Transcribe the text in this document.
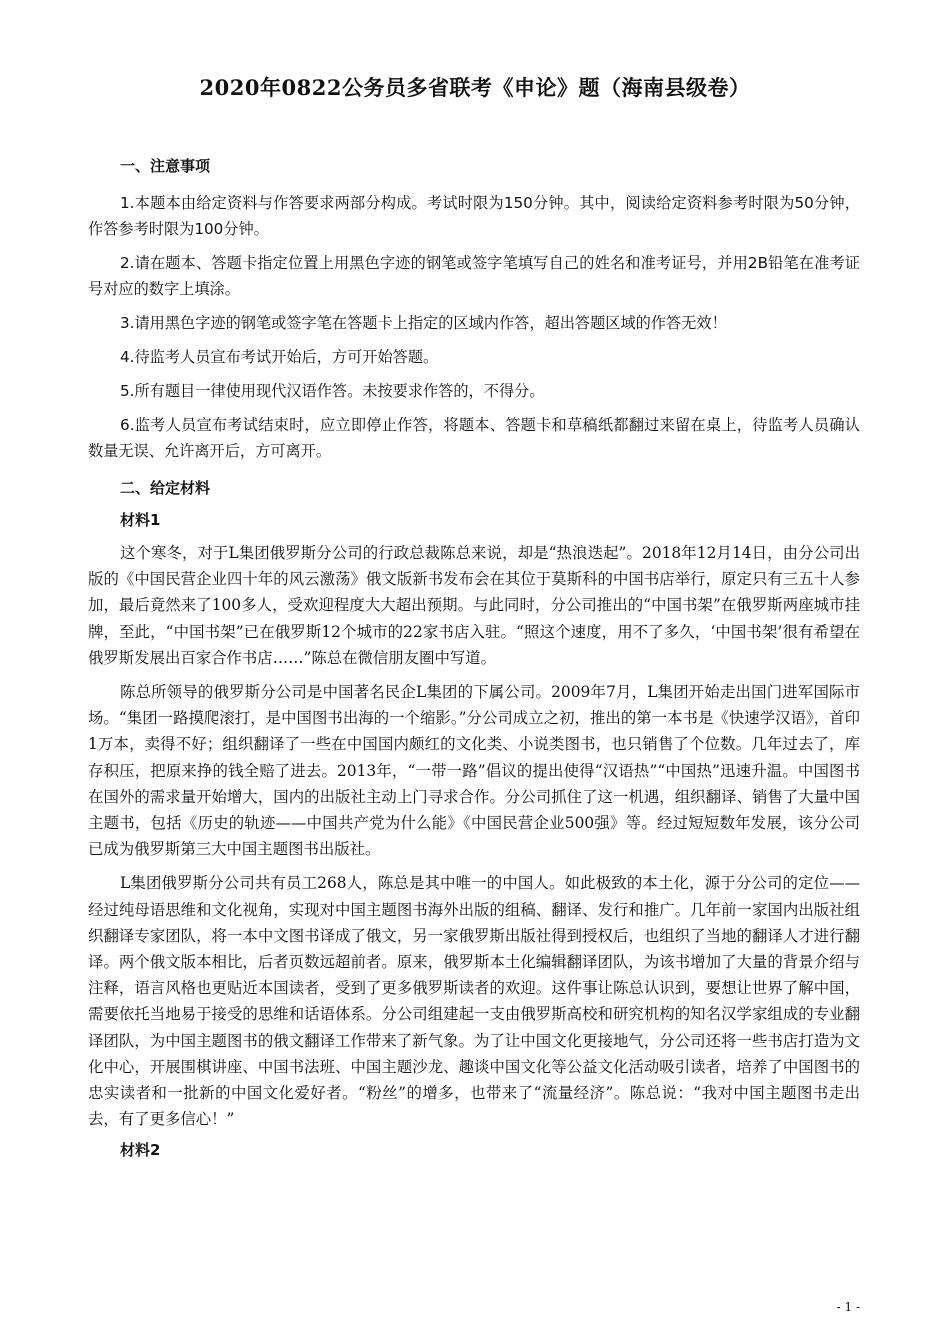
2020年0822公务员多省联考《申论》题（海南县级卷）

一、注意事项

1.本题本由给定资料与作答要求两部分构成。考试时限为150分钟。其中，阅读给定资料参考时限为50分钟，作答参考时限为100分钟。

2.请在题本、答题卡指定位置上用黑色字迹的钢笔或签字笔填写自己的姓名和准考证号，并用2B铅笔在准考证号对应的数字上填涂。

3.请用黑色字迹的钢笔或签字笔在答题卡上指定的区域内作答，超出答题区域的作答无效！

4.待监考人员宣布考试开始后，方可开始答题。

5.所有题目一律使用现代汉语作答。未按要求作答的，不得分。

6.监考人员宣布考试结束时，应立即停止作答，将题本、答题卡和草稿纸都翻过来留在桌上，待监考人员确认数量无误、允许离开后，方可离开。

二、给定材料

材料1

这个寒冬，对于L集团俄罗斯分公司的行政总裁陈总来说，却是“热浪迭起”。2018年12月14日，由分公司出版的《中国民营企业四十年的风云激荡》俄文版新书发布会在其位于莫斯科的中国书店举行，原定只有三五十人参加，最后竟然来了100多人，受欢迎程度大大超出预期。与此同时，分公司推出的“中国书架”在俄罗斯两座城市挂牌，至此，“中国书架”已在俄罗斯12个城市的22家书店入驻。“照这个速度，用不了多久，‘中国书架’很有希望在俄罗斯发展出百家合作书店……”陈总在微信朋友圈中写道。

陈总所领导的俄罗斯分公司是中国著名民企L集团的下属公司。2009年7月，L集团开始走出国门进军国际市场。“集团一路摸爬滚打，是中国图书出海的一个缩影。”分公司成立之初，推出的第一本书是《快速学汉语》，首印1万本，卖得不好；组织翻译了一些在中国国内颇红的文化类、小说类图书，也只销售了个位数。几年过去了，库存积压，把原来挣的钱全赔了进去。2013年，“一带一路”倡议的提出使得“汉语热”“中国热”迅速升温。中国图书在国外的需求量开始增大，国内的出版社主动上门寻求合作。分公司抓住了这一机遇，组织翻译、销售了大量中国主题书，包括《历史的轨迹——中国共产党为什么能》《中国民营企业500强》等。经过短短数年发展，该分公司已成为俄罗斯第三大中国主题图书出版社。

L集团俄罗斯分公司共有员工268人，陈总是其中唯一的中国人。如此极致的本土化，源于分公司的定位——经过纯母语思维和文化视角，实现对中国主题图书海外出版的组稿、翻译、发行和推广。几年前一家国内出版社组织翻译专家团队，将一本中文图书译成了俄文，另一家俄罗斯出版社得到授权后，也组织了当地的翻译人才进行翻译。两个俄文版本相比，后者页数远超前者。原来，俄罗斯本土化编辑翻译团队，为该书增加了大量的背景介绍与注释，语言风格也更贴近本国读者，受到了更多俄罗斯读者的欢迎。这件事让陈总认识到，要想让世界了解中国，需要依托当地易于接受的思维和话语体系。分公司组建起一支由俄罗斯高校和研究机构的知名汉学家组成的专业翻译团队，为中国主题图书的俄文翻译工作带来了新气象。为了让中国文化更接地气，分公司还将一些书店打造为文化中心，开展围棋讲座、中国书法班、中国主题沙龙、趣谈中国文化等公益文化活动吸引读者，培养了中国图书的忠实读者和一批新的中国文化爱好者。“粉丝”的增多，也带来了“流量经济”。陈总说：“我对中国主题图书走出去，有了更多信心！”

材料2

- 1 -
